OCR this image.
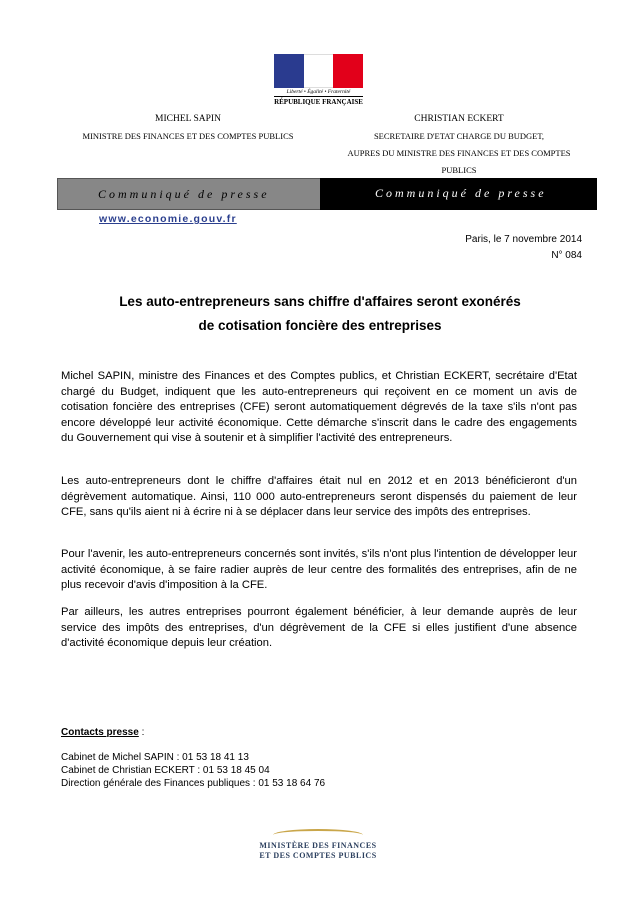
Liberté • Égalité • Fraternité
RÉPUBLIQUE FRANÇAISE
MICHEL SAPIN
MINISTRE DES FINANCES ET DES COMPTES PUBLICS
CHRISTIAN ECKERT
SECRETAIRE D'ETAT CHARGE DU BUDGET,
AUPRES DU MINISTRE DES FINANCES ET DES COMPTES
PUBLICS
Communiqué de presse	Communiqué de presse
www.economie.gouv.fr
Paris, le 7 novembre 2014
N° 084
Les auto-entrepreneurs sans chiffre d'affaires seront exonérés
de cotisation foncière des entreprises
Michel SAPIN, ministre des Finances et des Comptes publics, et Christian ECKERT, secrétaire d'Etat chargé du Budget, indiquent que les auto-entrepreneurs qui reçoivent en ce moment un avis de cotisation foncière des entreprises (CFE) seront automatiquement dégrevés de la taxe s'ils n'ont pas encore développé leur activité économique. Cette démarche s'inscrit dans le cadre des engagements du Gouvernement qui vise à soutenir et à simplifier l'activité des entrepreneurs.
Les auto-entrepreneurs dont le chiffre d'affaires était nul en 2012 et en 2013 bénéficieront d'un dégrèvement automatique. Ainsi, 110 000 auto-entrepreneurs seront dispensés du paiement de leur CFE, sans qu'ils aient ni à écrire ni à se déplacer dans leur service des impôts des entreprises.
Pour l'avenir, les auto-entrepreneurs concernés sont invités, s'ils n'ont plus l'intention de développer leur activité économique, à se faire radier auprès de leur centre des formalités des entreprises, afin de ne plus recevoir d'avis d'imposition à la CFE.
Par ailleurs, les autres entreprises pourront également bénéficier, à leur demande auprès de leur service des impôts des entreprises, d'un dégrèvement de la CFE si elles justifient d'une absence d'activité économique depuis leur création.
Contacts presse :
Cabinet de Michel SAPIN : 01 53 18 41 13
Cabinet de Christian ECKERT : 01 53 18 45 04
Direction générale des Finances publiques : 01 53 18 64 76
MINISTÈRE DES FINANCES
ET DES COMPTES PUBLICS
